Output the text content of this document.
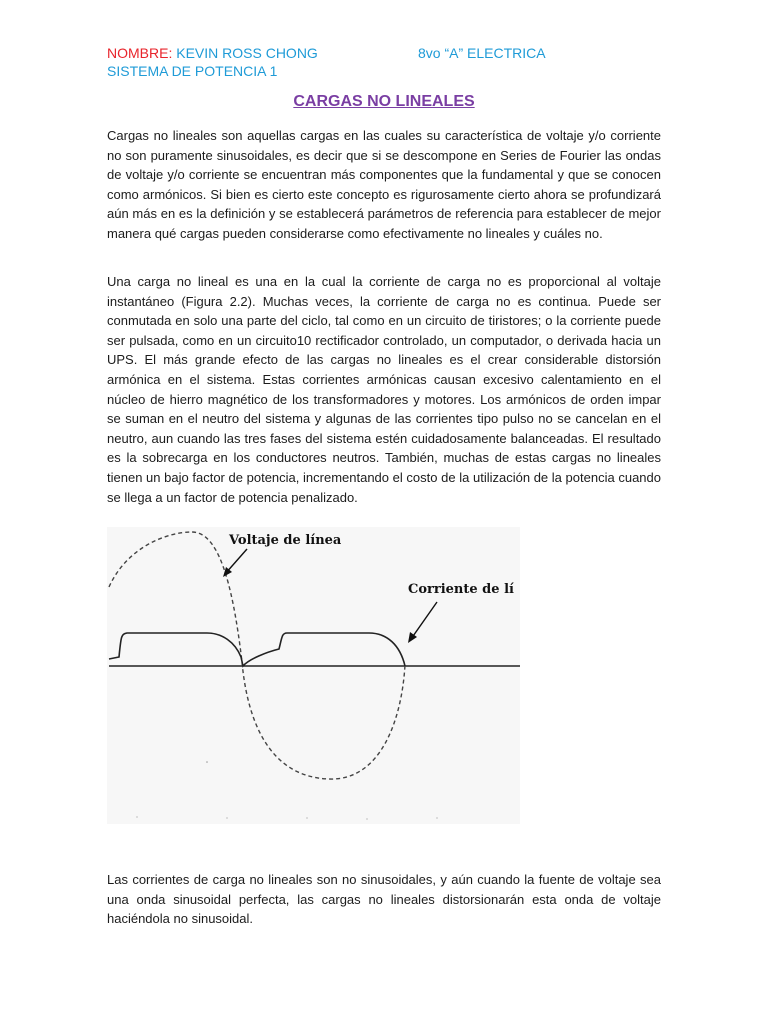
NOMBRE: KEVIN ROSS CHONG	8vo “A” ELECTRICA
SISTEMA DE POTENCIA 1
CARGAS NO LINEALES

Cargas no lineales son aquellas cargas en las cuales su característica de voltaje y/o corriente no son puramente sinusoidales, es decir que si se descompone en Series de Fourier las ondas de voltaje y/o corriente se encuentran más componentes que la fundamental y que se conocen como armónicos. Si bien es cierto este concepto es rigurosamente cierto ahora se profundizará aún más en es la definición y se establecerá parámetros de referencia para establecer de mejor manera qué cargas pueden considerarse como efectivamente no lineales y cuáles no.

Una carga no lineal es una en la cual la corriente de carga no es proporcional al voltaje instantáneo (Figura 2.2). Muchas veces, la corriente de carga no es continua. Puede ser conmutada en solo una parte del ciclo, tal como en un circuito de tiristores; o la corriente puede ser pulsada, como en un circuito10 rectificador controlado, un computador, o derivada hacia un UPS. El más grande efecto de las cargas no lineales es el crear considerable distorsión armónica en el sistema. Estas corrientes armónicas causan excesivo calentamiento en el núcleo de hierro magnético de los transformadores y motores. Los armónicos de orden impar se suman en el neutro del sistema y algunas de las corrientes tipo pulso no se cancelan en el neutro, aun cuando las tres fases del sistema estén cuidadosamente balanceadas. El resultado es la sobrecarga en los conductores neutros. También, muchas de estas cargas no lineales tienen un bajo factor de potencia, incrementando el costo de la utilización de la potencia cuando se llega a un factor de potencia penalizado.

Voltaje de línea
Corriente de lí

Las corrientes de carga no lineales son no sinusoidales, y aún cuando la fuente de voltaje sea una onda sinusoidal perfecta, las cargas no lineales distorsionarán esta onda de voltaje haciéndola no sinusoidal.
